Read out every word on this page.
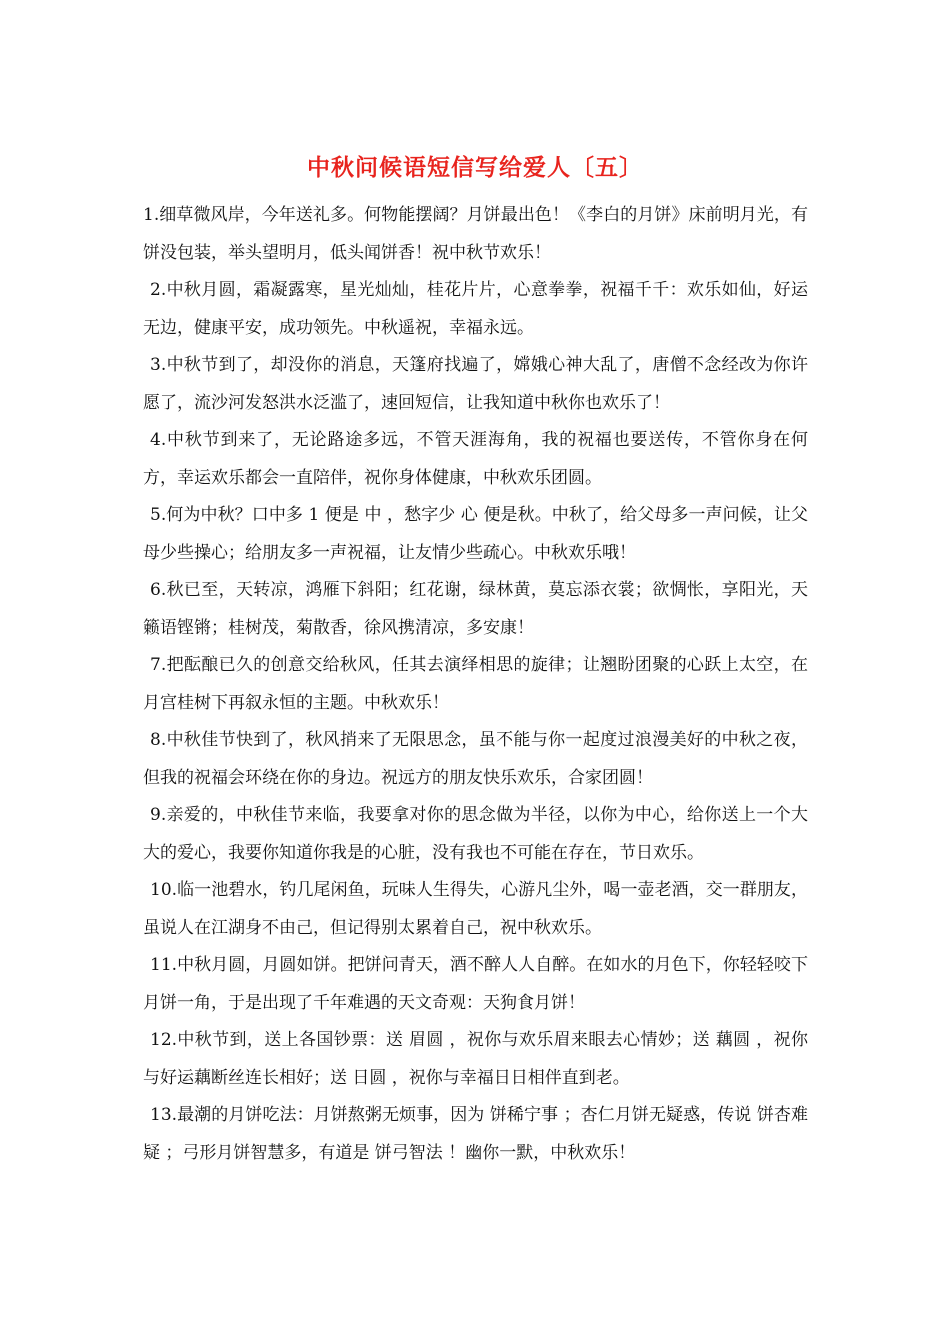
中秋问候语短信写给爱人〔五〕

1.细草微风岸，今年送礼多。何物能摆阔？月饼最出色！《李白的月饼》床前明月光，有饼没包装，举头望明月，低头闻饼香！祝中秋节欢乐！

2.中秋月圆，霜凝露寒，星光灿灿，桂花片片，心意拳拳，祝福千千：欢乐如仙，好运无边，健康平安，成功领先。中秋遥祝，幸福永远。

3.中秋节到了，却没你的消息，天篷府找遍了，嫦娥心神大乱了，唐僧不念经改为你许愿了，流沙河发怒洪水泛滥了，速回短信，让我知道中秋你也欢乐了！

4.中秋节到来了，无论路途多远，不管天涯海角，我的祝福也要送传，不管你身在何方，幸运欢乐都会一直陪伴，祝你身体健康，中秋欢乐团圆。

5.何为中秋？口中多 1 便是 中 ，愁字少 心 便是秋。中秋了，给父母多一声问候，让父母少些操心；给朋友多一声祝福，让友情少些疏心。中秋欢乐哦！

6.秋已至，天转凉，鸿雁下斜阳；红花谢，绿林黄，莫忘添衣裳；欲惆怅，享阳光，天籁语铿锵；桂树茂，菊散香，徐风携清凉，多安康！

7.把酝酿已久的创意交给秋风，任其去演绎相思的旋律；让翘盼团聚的心跃上太空，在月宫桂树下再叙永恒的主题。中秋欢乐！

8.中秋佳节快到了，秋风捎来了无限思念，虽不能与你一起度过浪漫美好的中秋之夜，但我的祝福会环绕在你的身边。祝远方的朋友快乐欢乐，合家团圆！

9.亲爱的，中秋佳节来临，我要拿对你的思念做为半径，以你为中心，给你送上一个大大的爱心，我要你知道你我是的心脏，没有我也不可能在存在，节日欢乐。

10.临一池碧水，钓几尾闲鱼，玩味人生得失，心游凡尘外，喝一壶老酒，交一群朋友，虽说人在江湖身不由己，但记得别太累着自己，祝中秋欢乐。

11.中秋月圆，月圆如饼。把饼问青天，酒不醉人人自醉。在如水的月色下，你轻轻咬下月饼一角，于是出现了千年难遇的天文奇观：天狗食月饼！

12.中秋节到，送上各国钞票：送 眉圆 ，祝你与欢乐眉来眼去心情妙；送 藕圆 ，祝你与好运藕断丝连长相好；送 日圆 ，祝你与幸福日日相伴直到老。

13.最潮的月饼吃法：月饼熬粥无烦事，因为 饼稀宁事 ；杏仁月饼无疑惑，传说 饼杏难疑 ；弓形月饼智慧多，有道是 饼弓智法 ！幽你一默，中秋欢乐！
